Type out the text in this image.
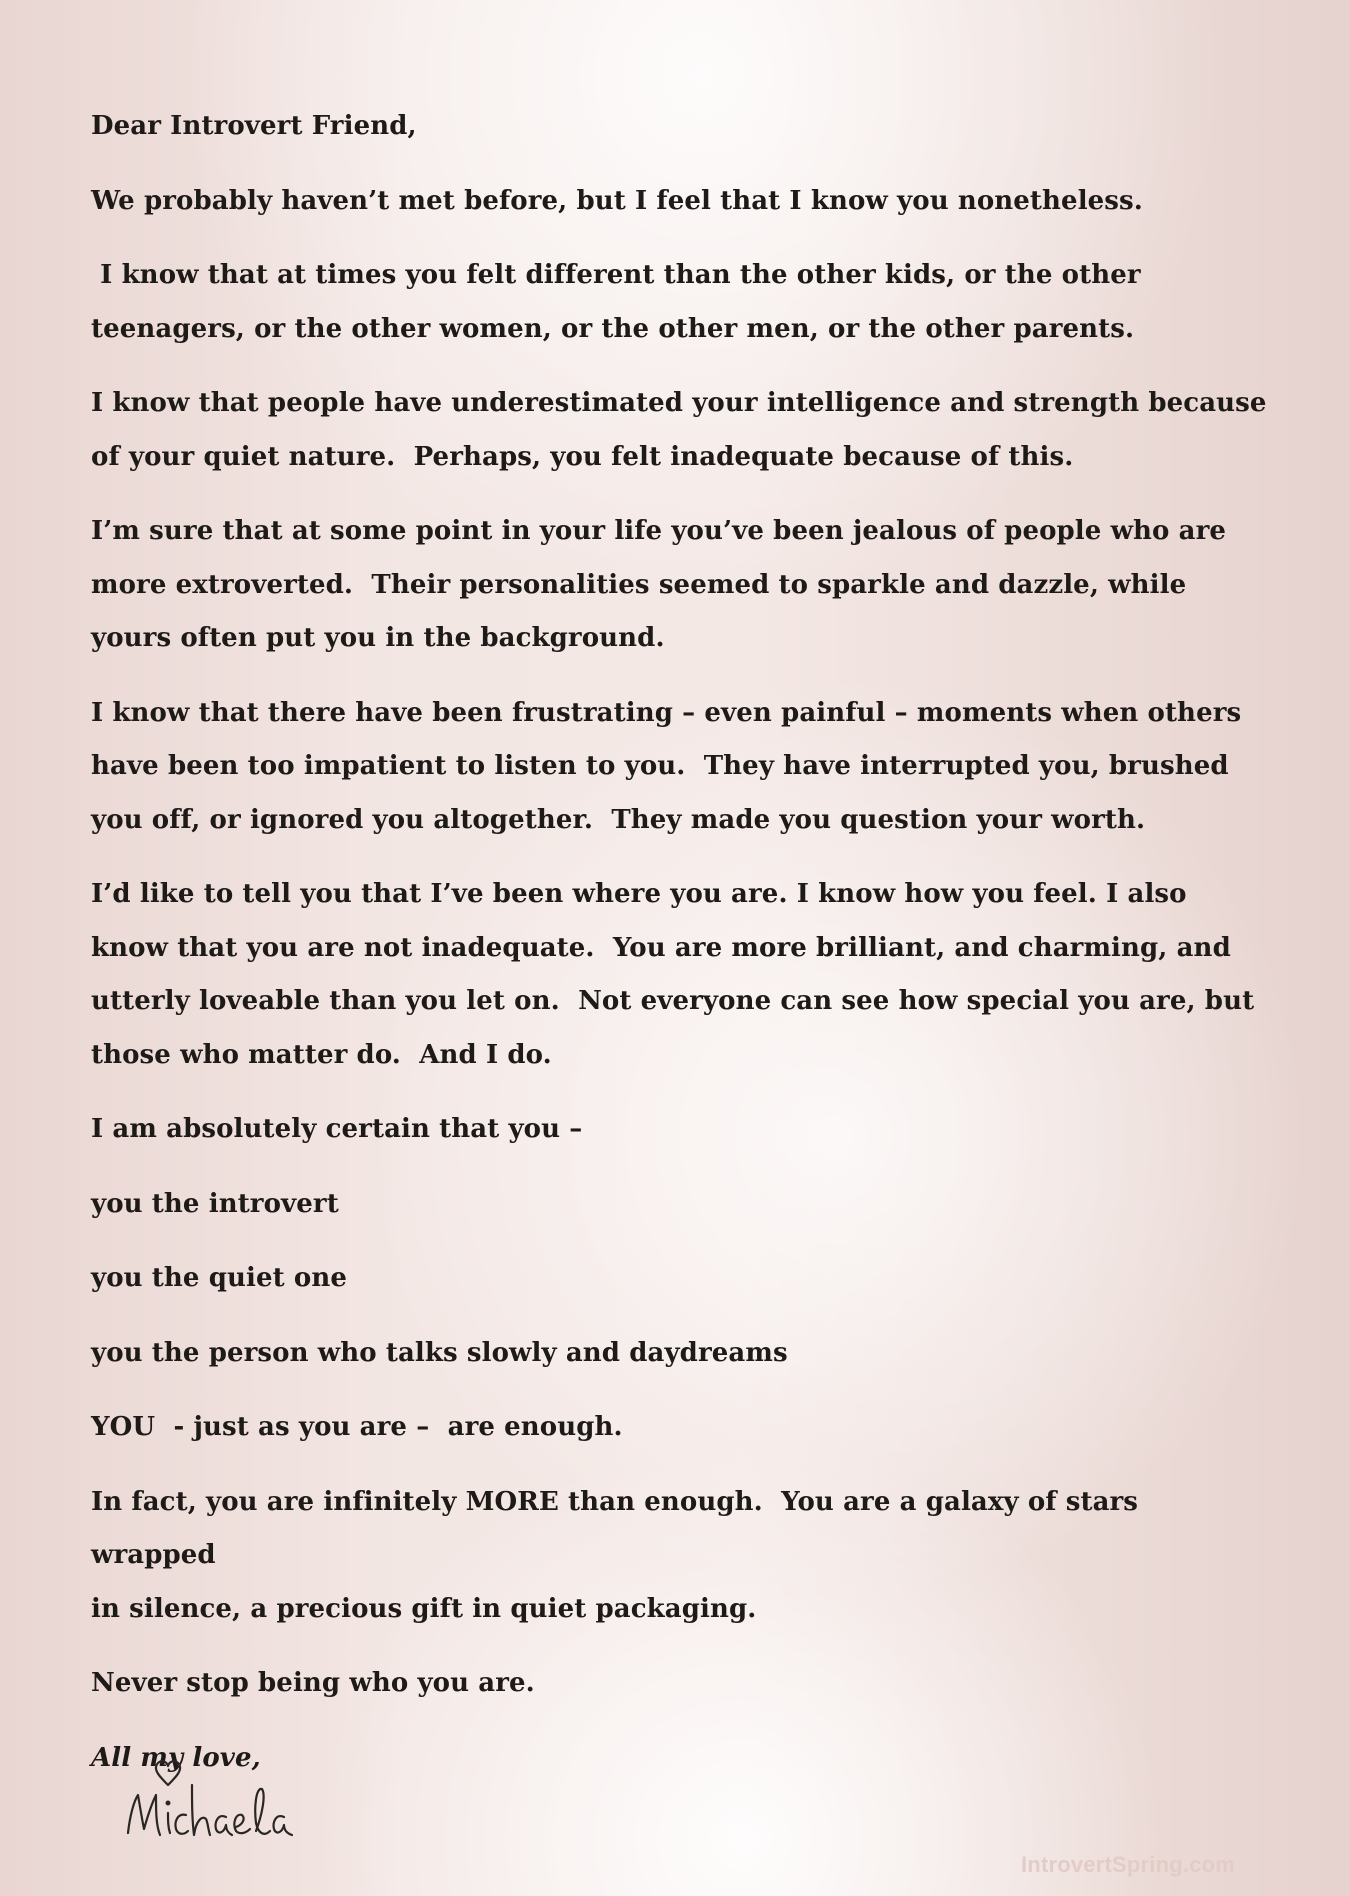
Dear Introvert Friend,

We probably haven’t met before, but I feel that I know you nonetheless.

I know that at times you felt different than the other kids, or the other
teenagers, or the other women, or the other men, or the other parents.

I know that people have underestimated your intelligence and strength because
of your quiet nature.  Perhaps, you felt inadequate because of this.

I’m sure that at some point in your life you’ve been jealous of people who are
more extroverted.  Their personalities seemed to sparkle and dazzle, while
yours often put you in the background.

I know that there have been frustrating – even painful – moments when others
have been too impatient to listen to you.  They have interrupted you, brushed
you off, or ignored you altogether.  They made you question your worth.

I’d like to tell you that I’ve been where you are. I know how you feel. I also
know that you are not inadequate.  You are more brilliant, and charming, and
utterly loveable than you let on.  Not everyone can see how special you are, but
those who matter do.  And I do.

I am absolutely certain that you –

you the introvert

you the quiet one

you the person who talks slowly and daydreams

YOU  - just as you are –  are enough.

In fact, you are infinitely MORE than enough.  You are a galaxy of stars wrapped
in silence, a precious gift in quiet packaging.

Never stop being who you are.

All my love,

IntrovertSpring.com
